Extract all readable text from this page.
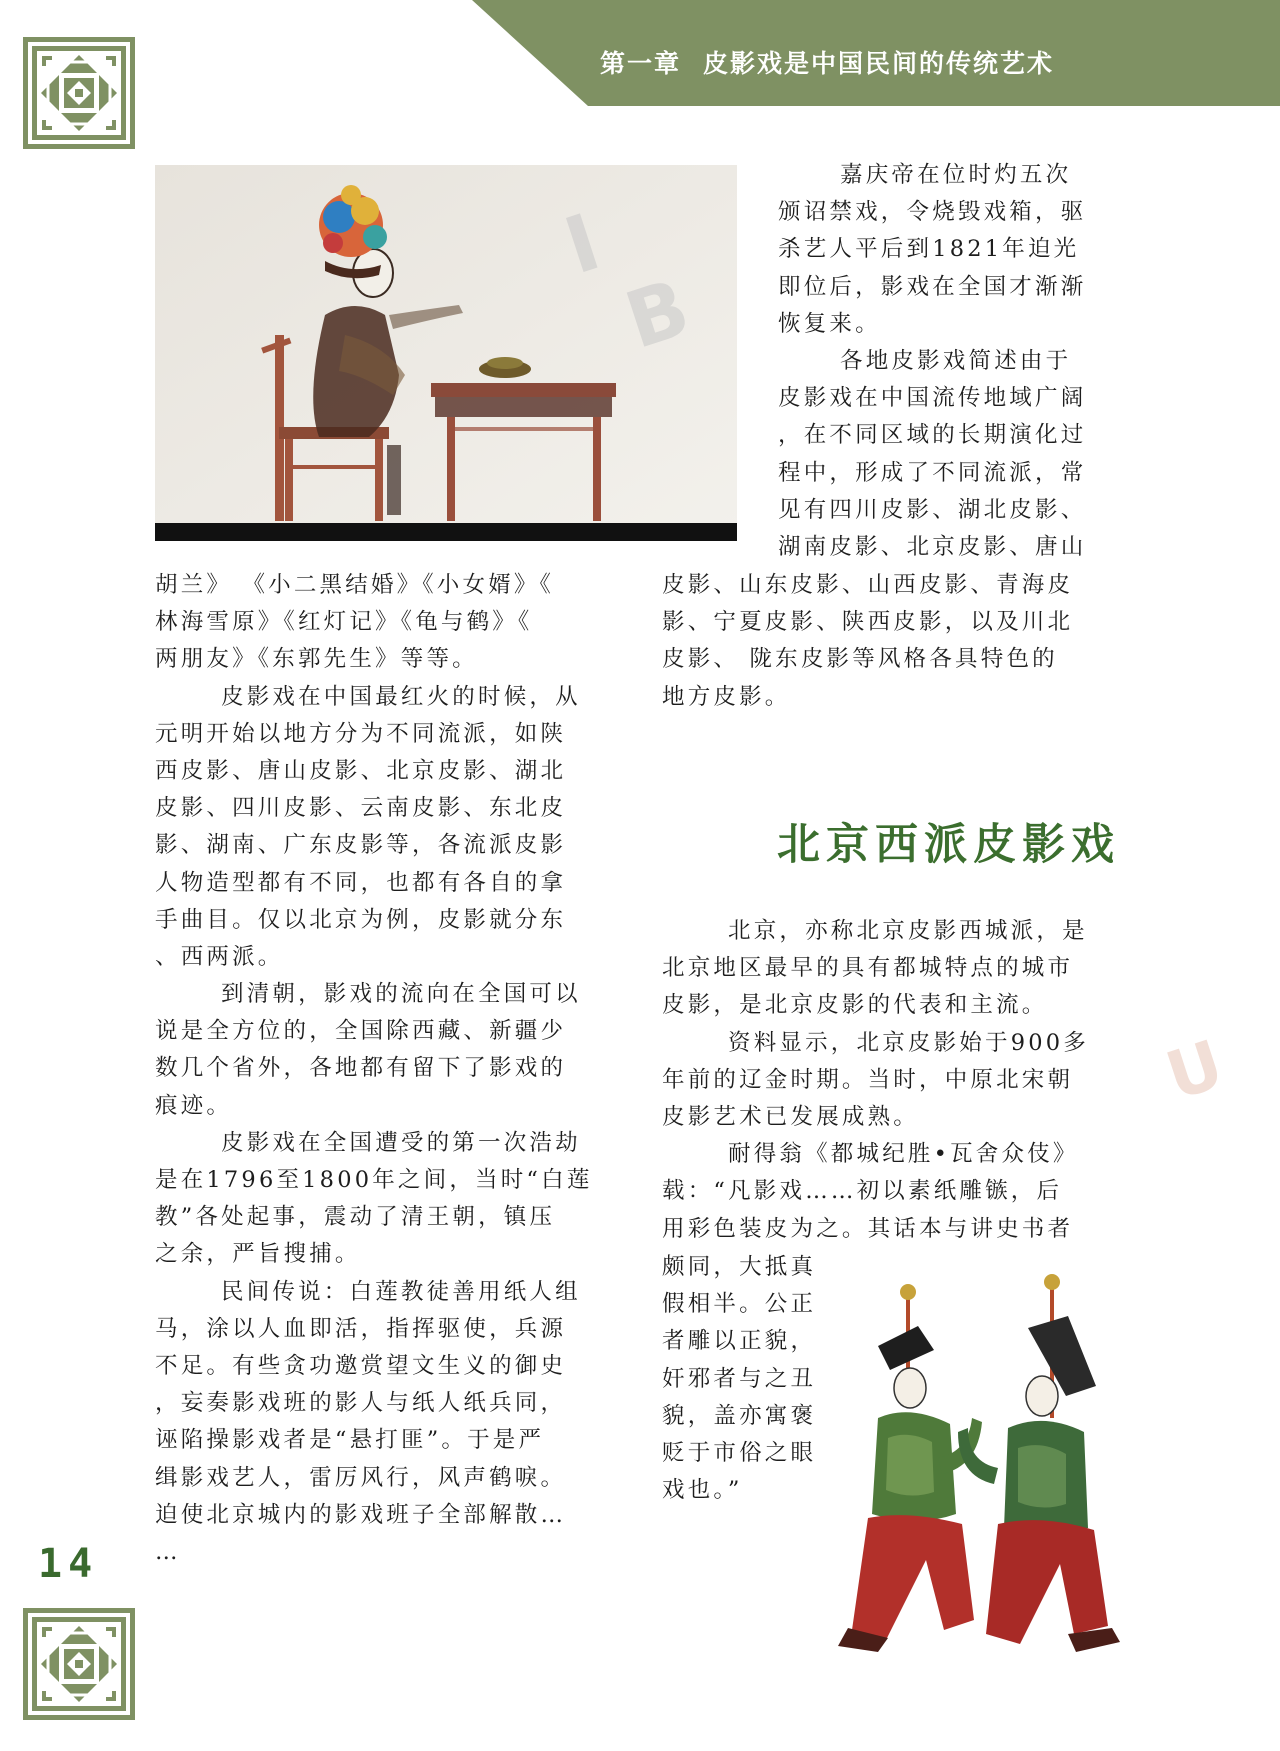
第一章 皮影戏是中国民间的传统艺术
I
B
U
嘉庆帝在位时灼五次
颁诏禁戏，令烧毁戏箱，驱
杀艺人平后到1821年迫光
即位后，影戏在全国才渐渐
恢复来。
各地皮影戏简述由于
皮影戏在中国流传地域广阔
，在不同区域的长期演化过
程中，形成了不同流派，常
见有四川皮影、湖北皮影、
湖南皮影、北京皮影、唐山
皮影、山东皮影、山西皮影、青海皮
影、宁夏皮影、陕西皮影，以及川北
皮影、 陇东皮影等风格各具特色的
地方皮影。
胡兰》 《小二黑结婚》《小女婿》《
林海雪原》《红灯记》《龟与鹤》《
两朋友》《东郭先生》等等。
皮影戏在中国最红火的时候，从
元明开始以地方分为不同流派，如陕
西皮影、唐山皮影、北京皮影、湖北
皮影、四川皮影、云南皮影、东北皮
影、湖南、广东皮影等，各流派皮影
人物造型都有不同，也都有各自的拿
手曲目。仅以北京为例，皮影就分东
、西两派。
到清朝，影戏的流向在全国可以
说是全方位的，全国除西藏、新疆少
数几个省外，各地都有留下了影戏的
痕迹。
皮影戏在全国遭受的第一次浩劫
是在1796至1800年之间，当时“白莲
教”各处起事，震动了清王朝，镇压
之余，严旨搜捕。
民间传说：白莲教徒善用纸人组
马，涂以人血即活，指挥驱使，兵源
不足。有些贪功邀赏望文生义的御史
，妄奏影戏班的影人与纸人纸兵同，
诬陷操影戏者是“悬打匪”。于是严
缉影戏艺人，雷厉风行，风声鹤唳。
迫使北京城内的影戏班子全部解散…
…
北京西派皮影戏
北京，亦称北京皮影西城派，是
北京地区最早的具有都城特点的城市
皮影，是北京皮影的代表和主流。
资料显示，北京皮影始于900多
年前的辽金时期。当时，中原北宋朝
皮影艺术已发展成熟。
耐得翁《都城纪胜•瓦舍众伎》
载：“凡影戏……初以素纸雕镞，后
用彩色装皮为之。其话本与讲史书者
颇同，大抵真
假相半。公正
者雕以正貌，
奸邪者与之丑
貌，盖亦寓褒
贬于市俗之眼
戏也。”
14
